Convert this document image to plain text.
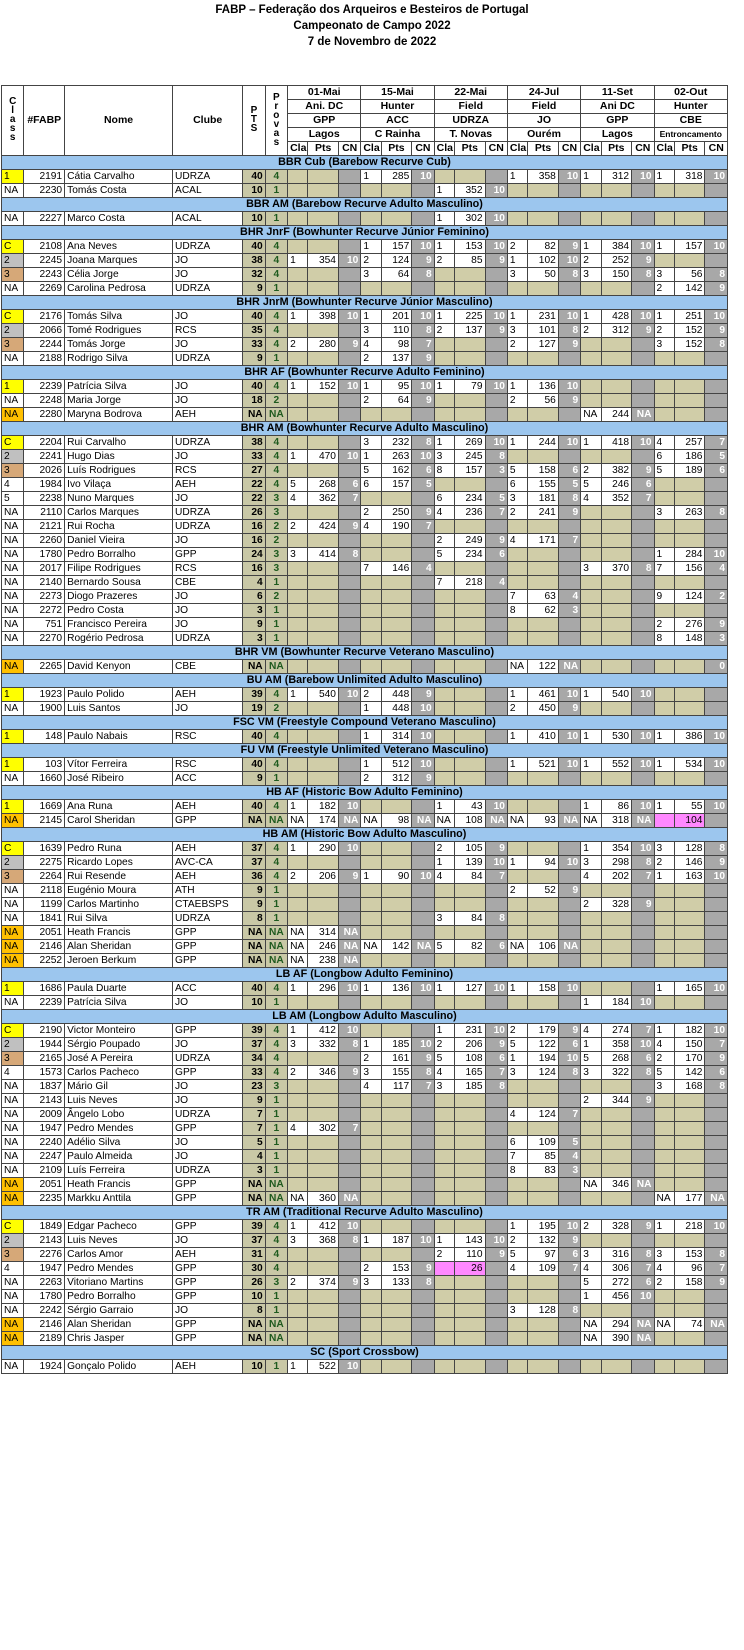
FABP – Federação dos Arqueiros e Besteiros de Portugal
Campeonato de Campo 2022
7 de Novembro de 2022
Class	#FABP	Nome	Clube	PTS	Provas	01-Mai			15-Mai			22-Mai			24-Jul			11-Set			02-Out		
						Ani. DC			Hunter			Field			Field			Ani DC			Hunter		
						GPP			ACC			UDRZA			JO			GPP			CBE		
						Lagos			C Rainha			T. Novas			Ourém			Lagos			Entroncamento		
						Cla	Pts	CN	Cla	Pts	CN	Cla	Pts	CN	Cla	Pts	CN	Cla	Pts	CN	Cla	Pts	CN
BBR Cub (Barebow Recurve Cub)																							
1	2191	Cátia Carvalho	UDRZA	40	4				1	285	10				1	358	10	1	312	10	1	318	10
NA	2230	Tomás Costa	ACAL	10	1							1	352	10									
BBR AM (Barebow Recurve Adulto Masculino)																							
NA	2227	Marco Costa	ACAL	10	1							1	302	10									
BHR JnrF (Bowhunter Recurve Júnior Feminino)																							
C	2108	Ana Neves	UDRZA	40	4				1	157	10	1	153	10	2	82	9	1	384	10	1	157	10
2	2245	Joana Marques	JO	38	4	1	354	10	2	124	9	2	85	9	1	102	10	2	252	9			
3	2243	Célia Jorge	JO	32	4				3	64	8				3	50	8	3	150	8	3	56	8
NA	2269	Carolina Pedrosa	UDRZA	9	1																2	142	9
BHR JnrM (Bowhunter Recurve Júnior Masculino)																							
C	2176	Tomás Silva	JO	40	4	1	398	10	1	201	10	1	225	10	1	231	10	1	428	10	1	251	10
2	2066	Tomé Rodrigues	RCS	35	4				3	110	8	2	137	9	3	101	8	2	312	9	2	152	9
3	2244	Tomás Jorge	JO	33	4	2	280	9	4	98	7				2	127	9				3	152	8
NA	2188	Rodrigo Silva	UDRZA	9	1				2	137	9												
BHR AF (Bowhunter Recurve Adulto Feminino)																							
1	2239	Patrícia Silva	JO	40	4	1	152	10	1	95	10	1	79	10	1	136	10						
NA	2248	Maria Jorge	JO	18	2				2	64	9				2	56	9						
NA	2280	Maryna Bodrova	AEH	NA	NA													NA	244	NA			
BHR AM (Bowhunter Recurve Adulto Masculino)																							
C	2204	Rui Carvalho	UDRZA	38	4				3	232	8	1	269	10	1	244	10	1	418	10	4	257	7
2	2241	Hugo Dias	JO	33	4	1	470	10	1	263	10	3	245	8							6	186	5
3	2026	Luís Rodrigues	RCS	27	4				5	162	6	8	157	3	5	158	6	2	382	9	5	189	6
4	1984	Ivo Vilaça	AEH	22	4	5	268	6	6	157	5				6	155	5	5	246	6			
5	2238	Nuno Marques	JO	22	3	4	362	7				6	234	5	3	181	8	4	352	7			
NA	2110	Carlos Marques	UDRZA	26	3				2	250	9	4	236	7	2	241	9				3	263	8
NA	2121	Rui Rocha	UDRZA	16	2	2	424	9	4	190	7												
NA	2260	Daniel Vieira	JO	16	2							2	249	9	4	171	7						
NA	1780	Pedro Borralho	GPP	24	3	3	414	8				5	234	6							1	284	10
NA	2017	Filipe Rodrigues	RCS	16	3				7	146	4							3	370	8	7	156	4
NA	2140	Bernardo Sousa	CBE	4	1							7	218	4									
NA	2273	Diogo Prazeres	JO	6	2										7	63	4				9	124	2
NA	2272	Pedro Costa	JO	3	1										8	62	3						
NA	751	Francisco Pereira	JO	9	1																2	276	9
NA	2270	Rogério Pedrosa	UDRZA	3	1																8	148	3
BHR VM (Bowhunter Recurve Veterano Masculino)																							
NA	2265	David Kenyon	CBE	NA	NA										NA	122	NA						0
BU AM (Barebow Unlimited Adulto Masculino)																							
1	1923	Paulo Polido	AEH	39	4	1	540	10	2	448	9				1	461	10	1	540	10			
NA	1900	Luis Santos	JO	19	2				1	448	10				2	450	9						
FSC VM (Freestyle Compound Veterano Masculino)																							
1	148	Paulo Nabais	RSC	40	4				1	314	10				1	410	10	1	530	10	1	386	10
FU VM (Freestyle Unlimited Veterano Masculino)																							
1	103	Vítor Ferreira	RSC	40	4				1	512	10				1	521	10	1	552	10	1	534	10
NA	1660	José Ribeiro	ACC	9	1				2	312	9												
HB AF (Historic Bow Adulto Feminino)																							
1	1669	Ana Runa	AEH	40	4	1	182	10				1	43	10				1	86	10	1	55	10
NA	2145	Carol Sheridan	GPP	NA	NA	NA	174	NA	NA	98	NA	NA	108	NA	NA	93	NA	NA	318	NA		104	
HB AM (Historic Bow Adulto Masculino)																							
C	1639	Pedro Runa	AEH	37	4	1	290	10				2	105	9				1	354	10	3	128	8
2	2275	Ricardo Lopes	AVC-CA	37	4							1	139	10	1	94	10	3	298	8	2	146	9
3	2264	Rui Resende	AEH	36	4	2	206	9	1	90	10	4	84	7				4	202	7	1	163	10
NA	2118	Eugénio Moura	ATH	9	1										2	52	9						
NA	1199	Carlos Martinho	CTAEBSPS	9	1													2	328	9			
NA	1841	Rui Silva	UDRZA	8	1							3	84	8									
NA	2051	Heath Francis	GPP	NA	NA	NA	314	NA															
NA	2146	Alan Sheridan	GPP	NA	NA	NA	246	NA	NA	142	NA	5	82	6	NA	106	NA						
NA	2252	Jeroen Berkum	GPP	NA	NA	NA	238	NA															
LB AF (Longbow Adulto Feminino)																							
1	1686	Paula Duarte	ACC	40	4	1	296	10	1	136	10	1	127	10	1	158	10				1	165	10
NA	2239	Patrícia Silva	JO	10	1													1	184	10			
LB AM (Longbow Adulto Masculino)																							
C	2190	Victor Monteiro	GPP	39	4	1	412	10				1	231	10	2	179	9	4	274	7	1	182	10
2	1944	Sérgio Poupado	JO	37	4	3	332	8	1	185	10	2	206	9	5	122	6	1	358	10	4	150	7
3	2165	José A Pereira	UDRZA	34	4				2	161	9	5	108	6	1	194	10	5	268	6	2	170	9
4	1573	Carlos Pacheco	GPP	33	4	2	346	9	3	155	8	4	165	7	3	124	8	3	322	8	5	142	6
NA	1837	Mário Gil	JO	23	3				4	117	7	3	185	8							3	168	8
NA	2143	Luis Neves	JO	9	1													2	344	9			
NA	2009	Ângelo Lobo	UDRZA	7	1										4	124	7						
NA	1947	Pedro Mendes	GPP	7	1	4	302	7															
NA	2240	Adélio Silva	JO	5	1										6	109	5						
NA	2247	Paulo Almeida	JO	4	1										7	85	4						
NA	2109	Luís Ferreira	UDRZA	3	1										8	83	3						
NA	2051	Heath Francis	GPP	NA	NA													NA	346	NA			
NA	2235	Markku Anttila	GPP	NA	NA	NA	360	NA													NA	177	NA
TR AM (Traditional Recurve Adulto Masculino)																							
C	1849	Edgar Pacheco	GPP	39	4	1	412	10							1	195	10	2	328	9	1	218	10
2	2143	Luis Neves	JO	37	4	3	368	8	1	187	10	1	143	10	2	132	9						
3	2276	Carlos Amor	AEH	31	4							2	110	9	5	97	6	3	316	8	3	153	8
4	1947	Pedro Mendes	GPP	30	4				2	153	9		26		4	109	7	4	306	7	4	96	7
NA	2263	Vitoriano Martins	GPP	26	3	2	374	9	3	133	8							5	272	6	2	158	9
NA	1780	Pedro Borralho	GPP	10	1													1	456	10			
NA	2242	Sérgio Garraio	JO	8	1										3	128	8						
NA	2146	Alan Sheridan	GPP	NA	NA													NA	294	NA	NA	74	NA
NA	2189	Chris Jasper	GPP	NA	NA													NA	390	NA			
SC (Sport Crossbow)																							
NA	1924	Gonçalo Polido	AEH	10	1	1	522	10															
